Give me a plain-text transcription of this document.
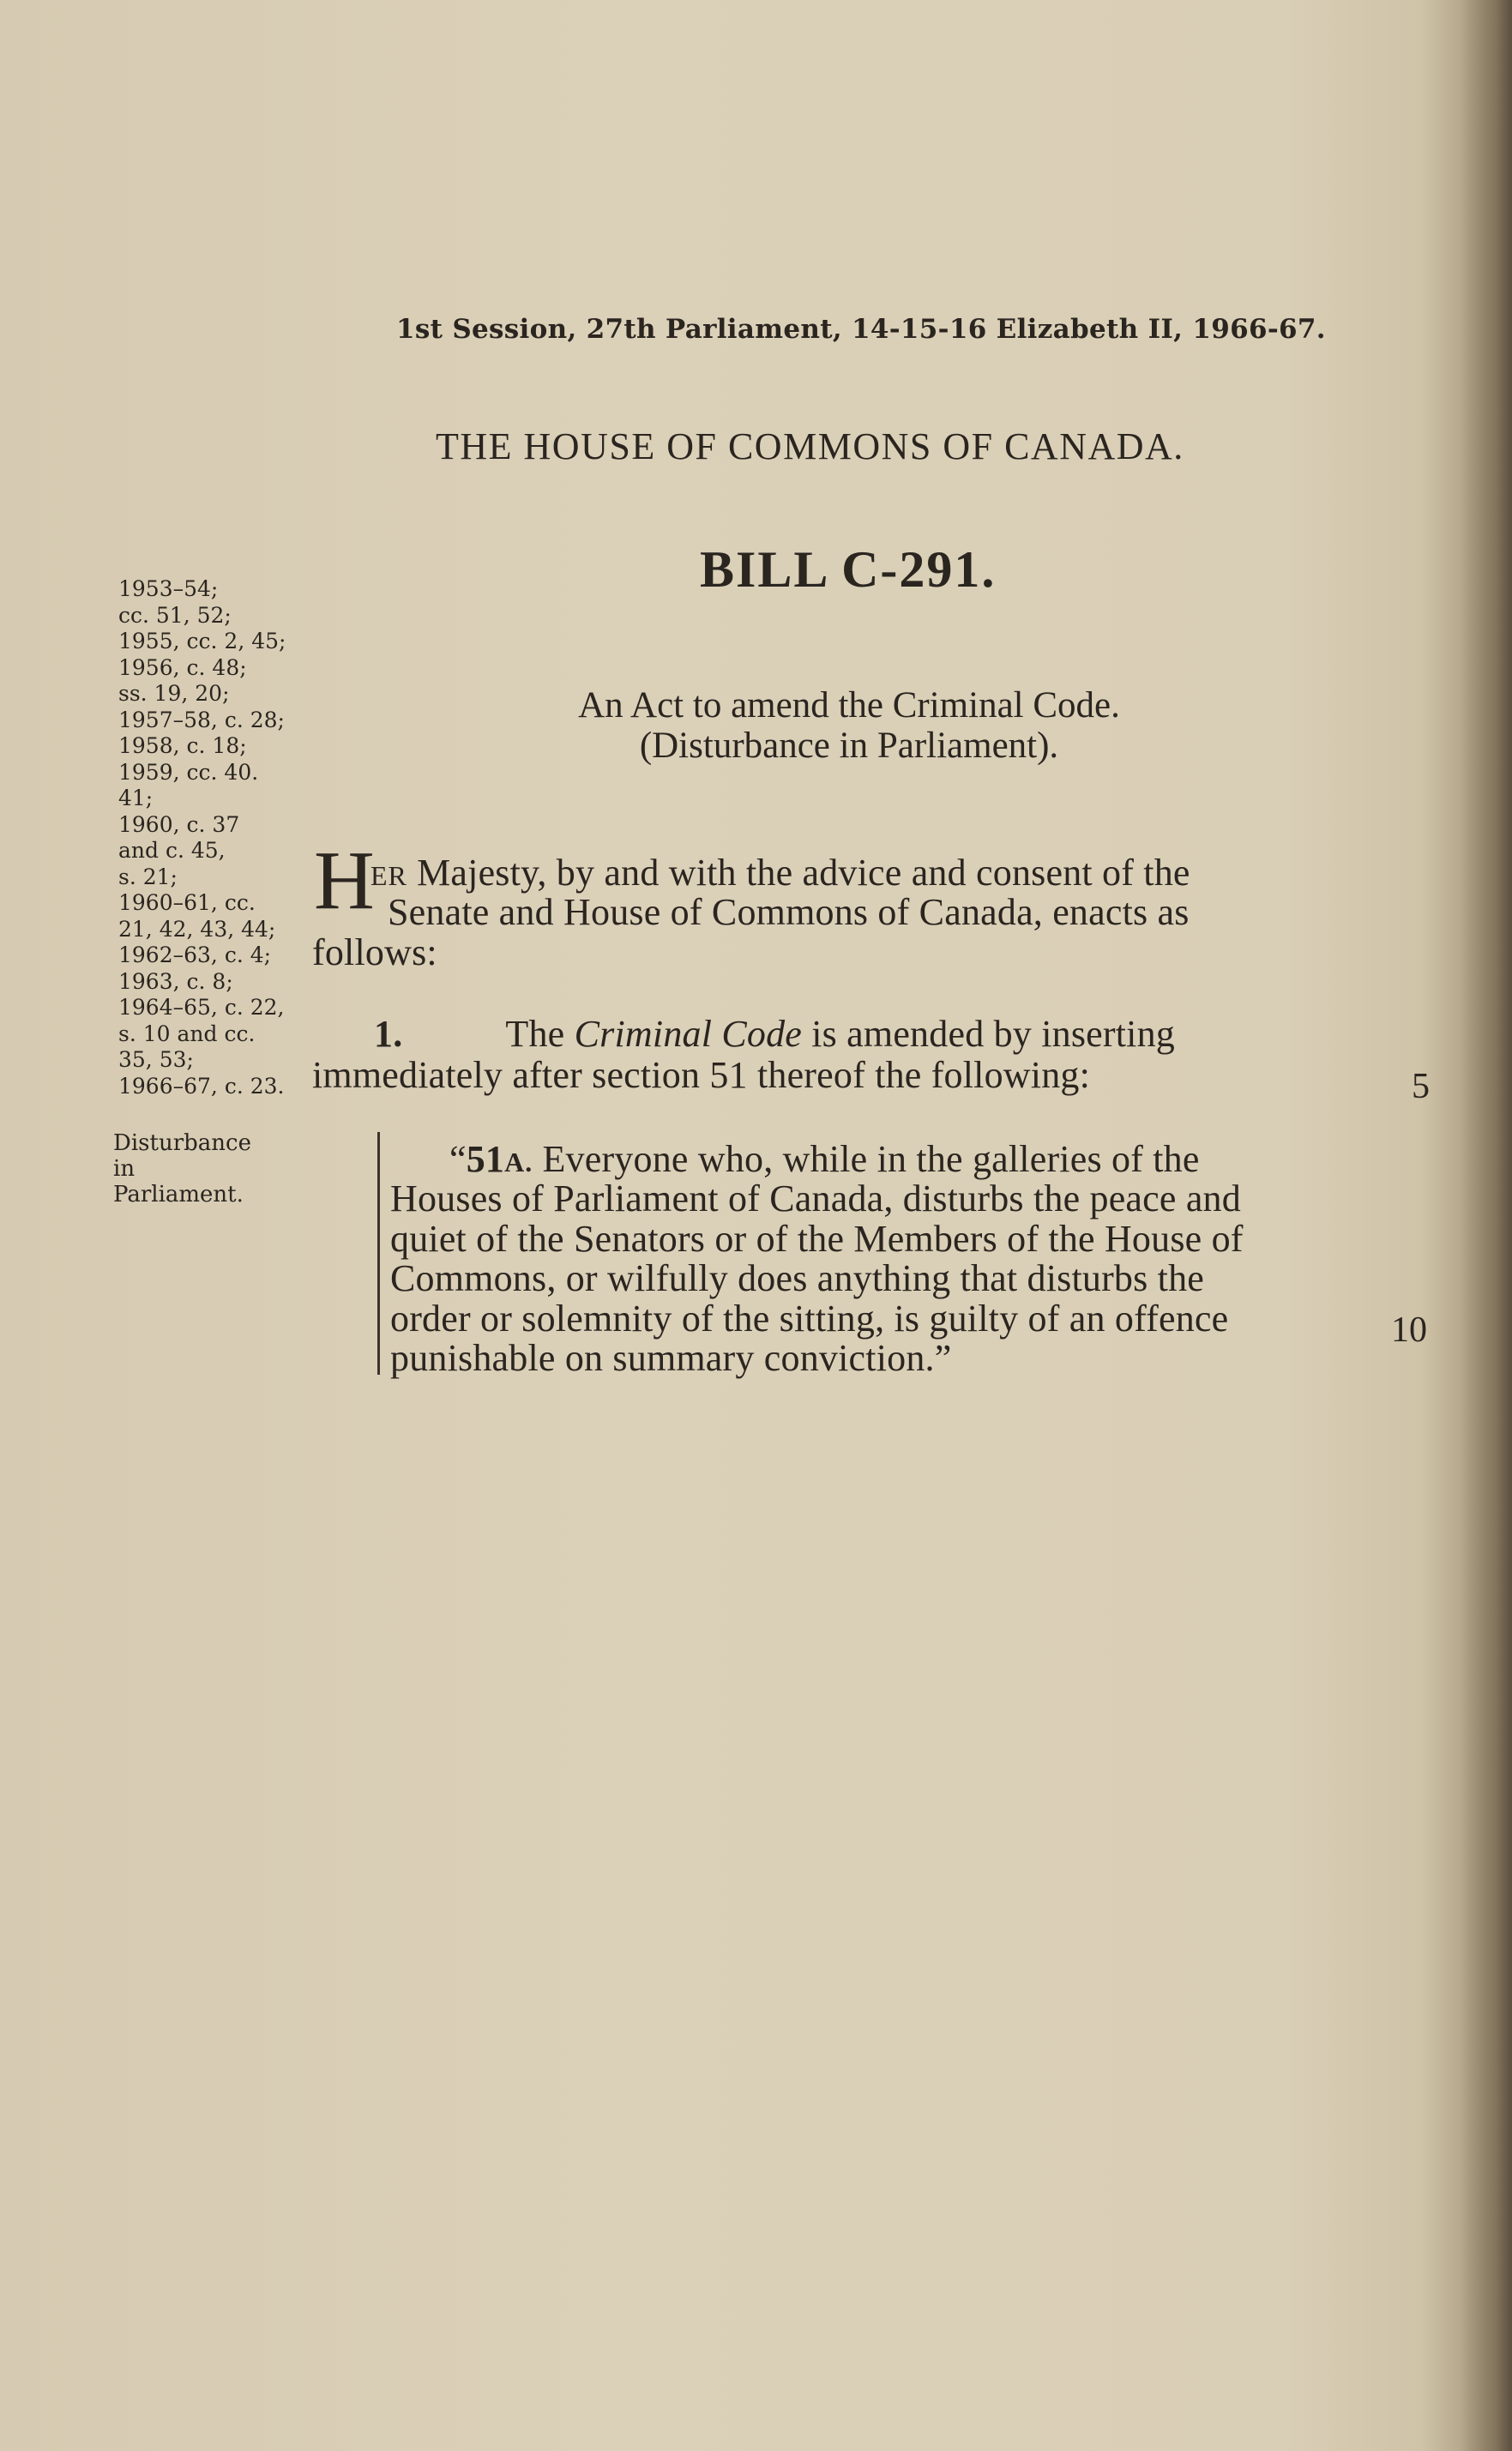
1st Session, 27th Parliament, 14-15-16 Elizabeth II, 1966-67.
THE HOUSE OF COMMONS OF CANADA.
BILL C-291.
An Act to amend the Criminal Code.
(Disturbance in Parliament).
1953–54;
cc. 51, 52;
1955, cc. 2, 45;
1956, c. 48;
ss. 19, 20;
1957–58, c. 28;
1958, c. 18;
1959, cc. 40.
41;
1960, c. 37
and c. 45,
s. 21;
1960–61, cc.
21, 42, 43, 44;
1962–63, c. 4;
1963, c. 8;
1964–65, c. 22,
s. 10 and cc.
35, 53;
1966–67, c. 23.
Disturbance
in
Parliament.
H
ER Majesty, by and with the advice and consent of the
Senate and House of Commons of Canada, enacts as
follows:
1.	The Criminal Code is amended by inserting
immediately after section 51 thereof the following:	5
“51A. Everyone who, while in the galleries of the
Houses of Parliament of Canada, disturbs the peace and
quiet of the Senators or of the Members of the House of
Commons, or wilfully does anything that disturbs the
order or solemnity of the sitting, is guilty of an offence
punishable on summary conviction.”
10
